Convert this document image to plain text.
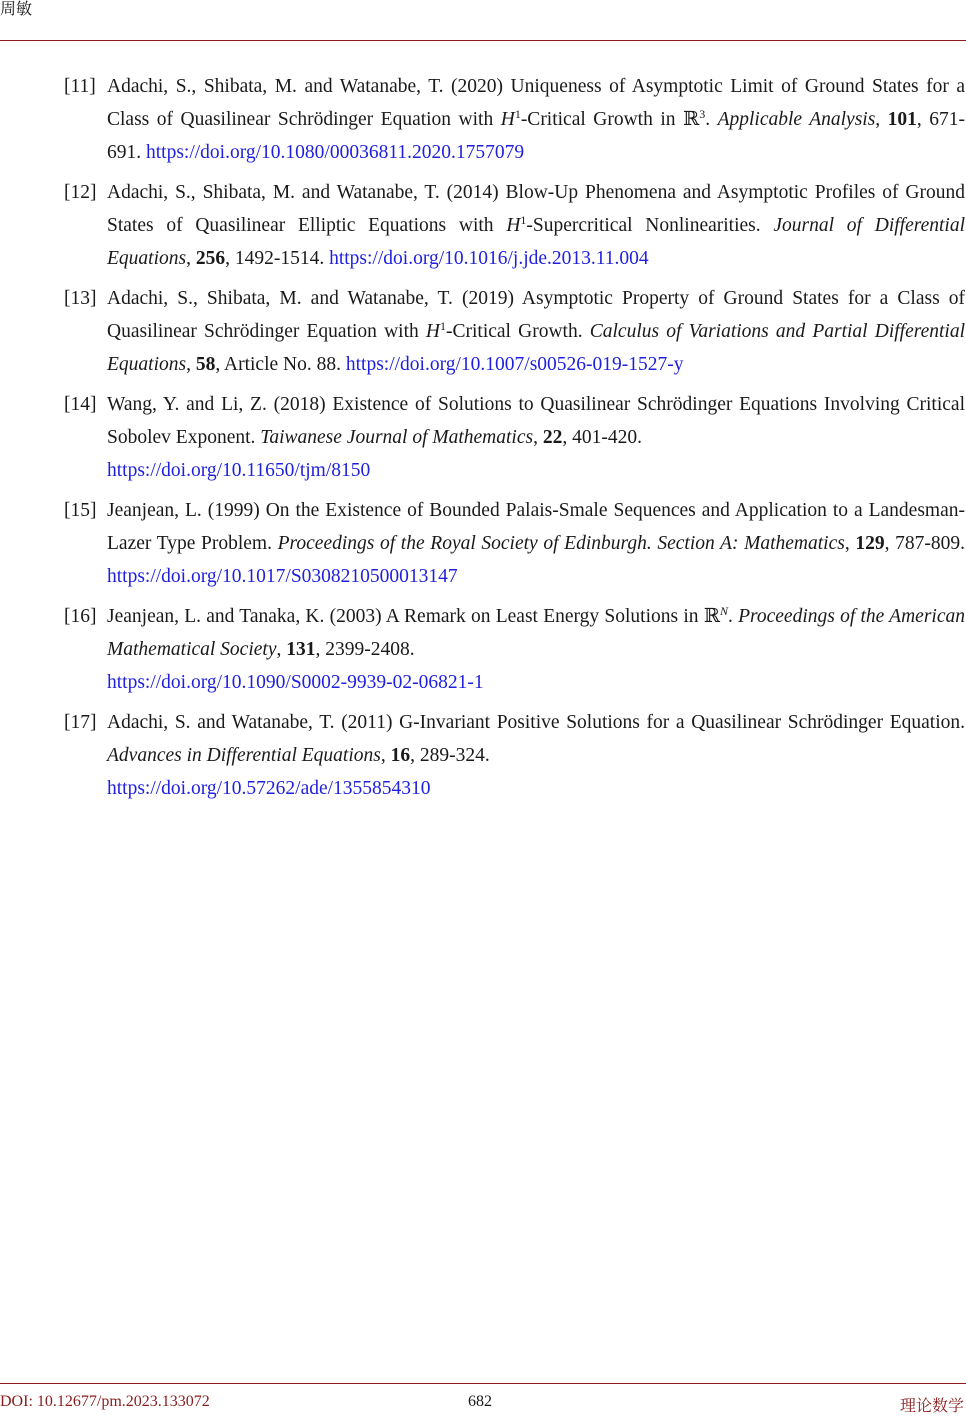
周敏
[11] Adachi, S., Shibata, M. and Watanabe, T. (2020) Uniqueness of Asymptotic Limit of Ground States for a Class of Quasilinear Schrödinger Equation with $H^1$-Critical Growth in ℝ$^3$. Applicable Analysis, 101, 671-691. https://doi.org/10.1080/00036811.2020.1757079
[12] Adachi, S., Shibata, M. and Watanabe, T. (2014) Blow-Up Phenomena and Asymptotic Profiles of Ground States of Quasilinear Elliptic Equations with $H^1$-Supercritical Nonlinearities. Journal of Differential Equations, 256, 1492-1514. https://doi.org/10.1016/j.jde.2013.11.004
[13] Adachi, S., Shibata, M. and Watanabe, T. (2019) Asymptotic Property of Ground States for a Class of Quasilinear Schrödinger Equation with $H^1$-Critical Growth. Calculus of Variations and Partial Differential Equations, 58, Article No. 88. https://doi.org/10.1007/s00526-019-1527-y
[14] Wang, Y. and Li, Z. (2018) Existence of Solutions to Quasilinear Schrödinger Equations Involving Critical Sobolev Exponent. Taiwanese Journal of Mathematics, 22, 401-420.
https://doi.org/10.11650/tjm/8150
[15] Jeanjean, L. (1999) On the Existence of Bounded Palais-Smale Sequences and Application to a Landesman-Lazer Type Problem. Proceedings of the Royal Society of Edinburgh. Section A: Mathematics, 129, 787-809. https://doi.org/10.1017/S0308210500013147
[16] Jeanjean, L. and Tanaka, K. (2003) A Remark on Least Energy Solutions in ℝ$^N$. Proceedings of the American Mathematical Society, 131, 2399-2408.
https://doi.org/10.1090/S0002-9939-02-06821-1
[17] Adachi, S. and Watanabe, T. (2011) G-Invariant Positive Solutions for a Quasilinear Schrödinger Equation. Advances in Differential Equations, 16, 289-324.
https://doi.org/10.57262/ade/1355854310
DOI: 10.12677/pm.2023.133072	682	理论数学
